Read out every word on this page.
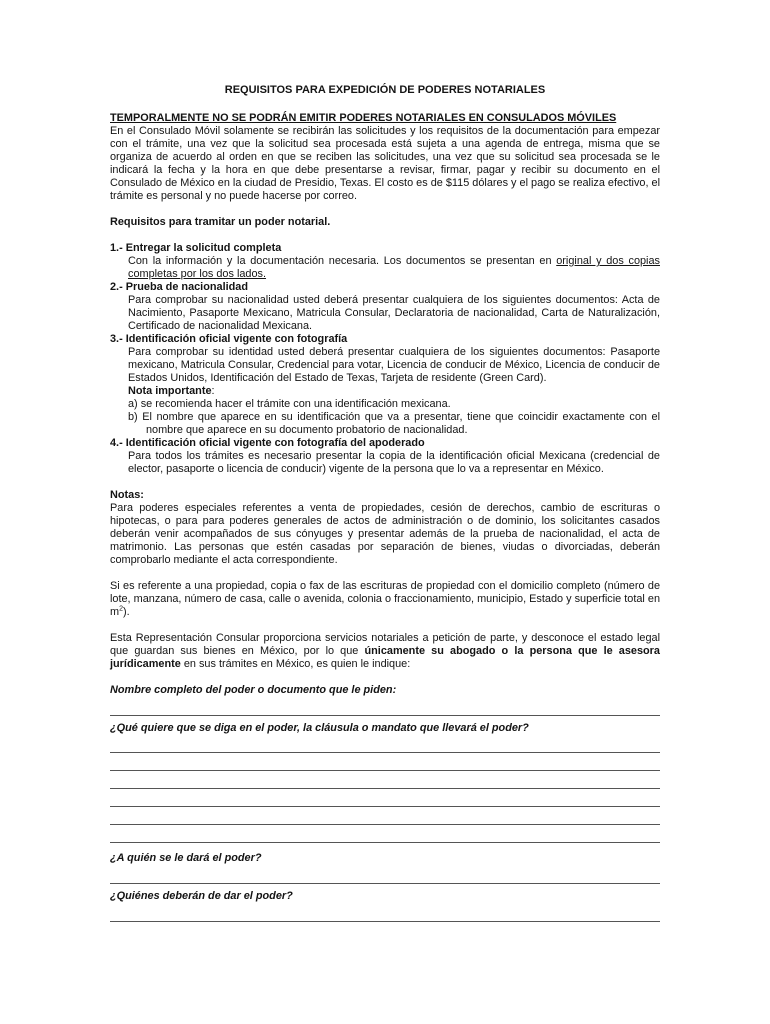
REQUISITOS PARA EXPEDICIÓN DE PODERES NOTARIALES

TEMPORALMENTE NO SE PODRÁN EMITIR PODERES NOTARIALES EN CONSULADOS MÓVILES

En el Consulado Móvil solamente se recibirán las solicitudes y los requisitos de la documentación para empezar con el trámite, una vez que la solicitud sea procesada está sujeta a una agenda de entrega, misma que se organiza de acuerdo al orden en que se reciben las solicitudes, una vez que su solicitud sea procesada se le indicará la fecha y la hora en que debe presentarse a revisar, firmar, pagar y recibir su documento en el Consulado de México en la ciudad de Presidio, Texas. El costo es de $115 dólares y el pago se realiza efectivo, el trámite es personal y no puede hacerse por correo.

Requisitos para tramitar un poder notarial.

1.- Entregar la solicitud completa

Con la información y la documentación necesaria. Los documentos se presentan en original y dos copias completas por los dos lados.

2.- Prueba de nacionalidad

Para comprobar su nacionalidad usted deberá presentar cualquiera de los siguientes documentos: Acta de Nacimiento, Pasaporte Mexicano, Matricula Consular, Declaratoria de nacionalidad, Carta de Naturalización, Certificado de nacionalidad Mexicana.

3.- Identificación oficial vigente con fotografía

Para comprobar su identidad usted deberá presentar cualquiera de los siguientes documentos: Pasaporte mexicano, Matricula Consular, Credencial para votar, Licencia de conducir de México, Licencia de conducir de Estados Unidos, Identificación del Estado de Texas, Tarjeta de residente (Green Card).

Nota importante:

a) se recomienda hacer el trámite con una identificación mexicana.

b) El nombre que aparece en su identificación que va a presentar, tiene que coincidir exactamente con el nombre que aparece en su documento probatorio de nacionalidad.

4.- Identificación oficial vigente con fotografía del apoderado

Para todos los trámites es necesario presentar la copia de la identificación oficial Mexicana (credencial de elector, pasaporte o licencia de conducir) vigente de la persona que lo va a representar en México.

Notas:

Para poderes especiales referentes a venta de propiedades, cesión de derechos, cambio de escrituras o hipotecas, o para para poderes generales de actos de administración o de dominio, los solicitantes casados deberán venir acompañados de sus cónyuges y presentar además de la prueba de nacionalidad, el acta de matrimonio. Las personas que estén casadas por separación de bienes, viudas o divorciadas, deberán comprobarlo mediante el acta correspondiente.

Si es referente a una propiedad, copia o fax de las escrituras de propiedad con el domicilio completo (número de lote, manzana, número de casa, calle o avenida, colonia o fraccionamiento, municipio, Estado y superficie total en $m^2$).

Esta Representación Consular proporciona servicios notariales a petición de parte, y desconoce el estado legal que guardan sus bienes en México, por lo que únicamente su abogado o la persona que le asesora jurídicamente en sus trámites en México, es quien le indique:

Nombre completo del poder o documento que le piden:

¿Qué quiere que se diga en el poder, la cláusula o mandato que llevará el poder?

¿A quién se le dará el poder?

¿Quiénes deberán de dar el poder?
